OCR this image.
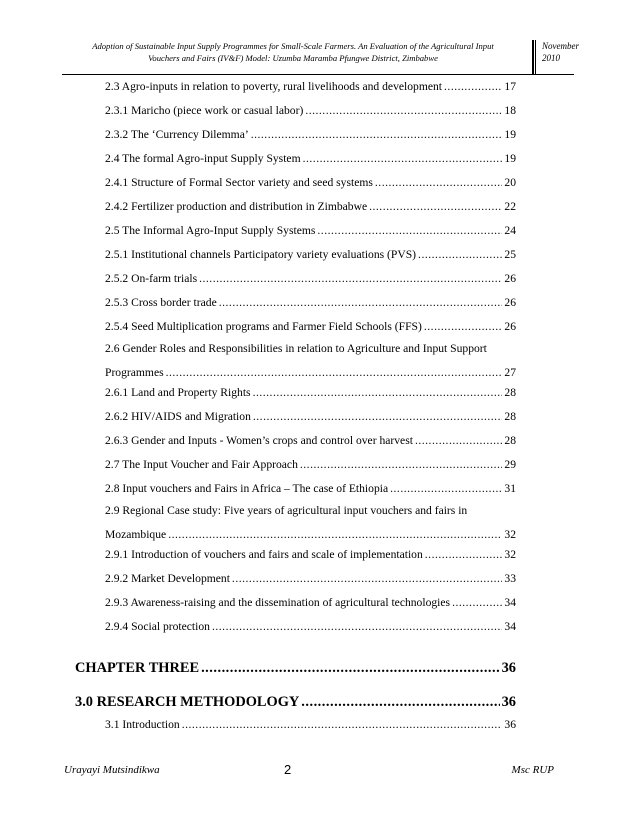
Adoption of Sustainable Input Supply Programmes for Small-Scale Farmers. An Evaluation of the Agricultural Input
Vouchers and Fairs (IV&F) Model: Uzumba Maramba Pfungwe District, Zimbabwe
November
2010
2.3 Agro-inputs in relation to poverty, rural livelihoods and development .....	17
2.3.1 Maricho (piece work or casual labor) .....	18
2.3.2 The ‘Currency Dilemma’ .....	19
2.4 The formal Agro-input Supply System .....	19
2.4.1 Structure of Formal Sector variety and seed systems .....	20
2.4.2 Fertilizer production and distribution in Zimbabwe .....	22
2.5 The Informal Agro-Input Supply Systems .....	24
2.5.1 Institutional channels Participatory variety evaluations (PVS) .....	25
2.5.2 On-farm trials .....	26
2.5.3 Cross border trade .....	26
2.5.4 Seed Multiplication programs and Farmer Field Schools (FFS) .....	26
2.6 Gender Roles and Responsibilities in relation to Agriculture and Input Support
Programmes .....	27
2.6.1 Land and Property Rights .....	28
2.6.2 HIV/AIDS and Migration .....	28
2.6.3 Gender and Inputs - Women’s crops and control over harvest .....	28
2.7 The Input Voucher and Fair Approach .....	29
2.8 Input vouchers and Fairs in Africa – The case of Ethiopia .....	31
2.9 Regional Case study: Five years of agricultural input vouchers and fairs in
Mozambique .....	32
2.9.1 Introduction of vouchers and fairs and scale of implementation .....	32
2.9.2 Market Development .....	33
2.9.3 Awareness-raising and the dissemination of agricultural technologies .....	34
2.9.4 Social protection .....	34
CHAPTER THREE .....	36
3.0 RESEARCH METHODOLOGY .....	36
3.1 Introduction .....	36
Urayayi Mutsindikwa	2	Msc RUP
